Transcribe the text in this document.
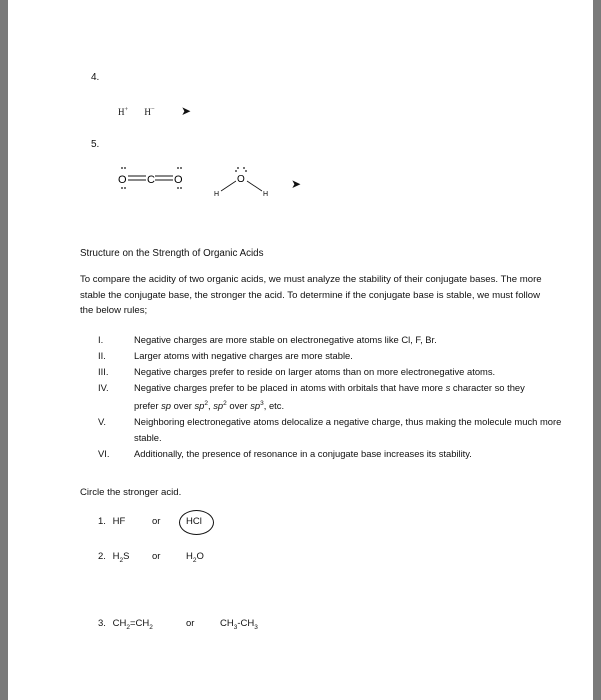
4.
H+ H− ➤
5.
O C O	O
H	H
➤
Structure on the Strength of Organic Acids

To compare the acidity of two organic acids, we must analyze the stability of their conjugate bases. The more stable the conjugate base, the stronger the acid. To determine if the conjugate base is stable, we must follow the below rules;

I.	Negative charges are more stable on electronegative atoms like Cl, F, Br.
II.	Larger atoms with negative charges are more stable.
III.	Negative charges prefer to reside on larger atoms than on more electronegative atoms.
IV.	Negative charges prefer to be placed in atoms with orbitals that have more s character so they prefer sp over $sp^2$, $sp^2$ over $sp^3$, etc.
V.	Neighboring electronegative atoms delocalize a negative charge, thus making the molecule much more stable.
VI.	Additionally, the presence of resonance in a conjugate base increases its stability.
Circle the stronger acid.
1. HF	or	HCl
2. $H_2S$ or	$H_2O$
3. $CH_2=CH_2$	or	$CH_3-CH_3$
